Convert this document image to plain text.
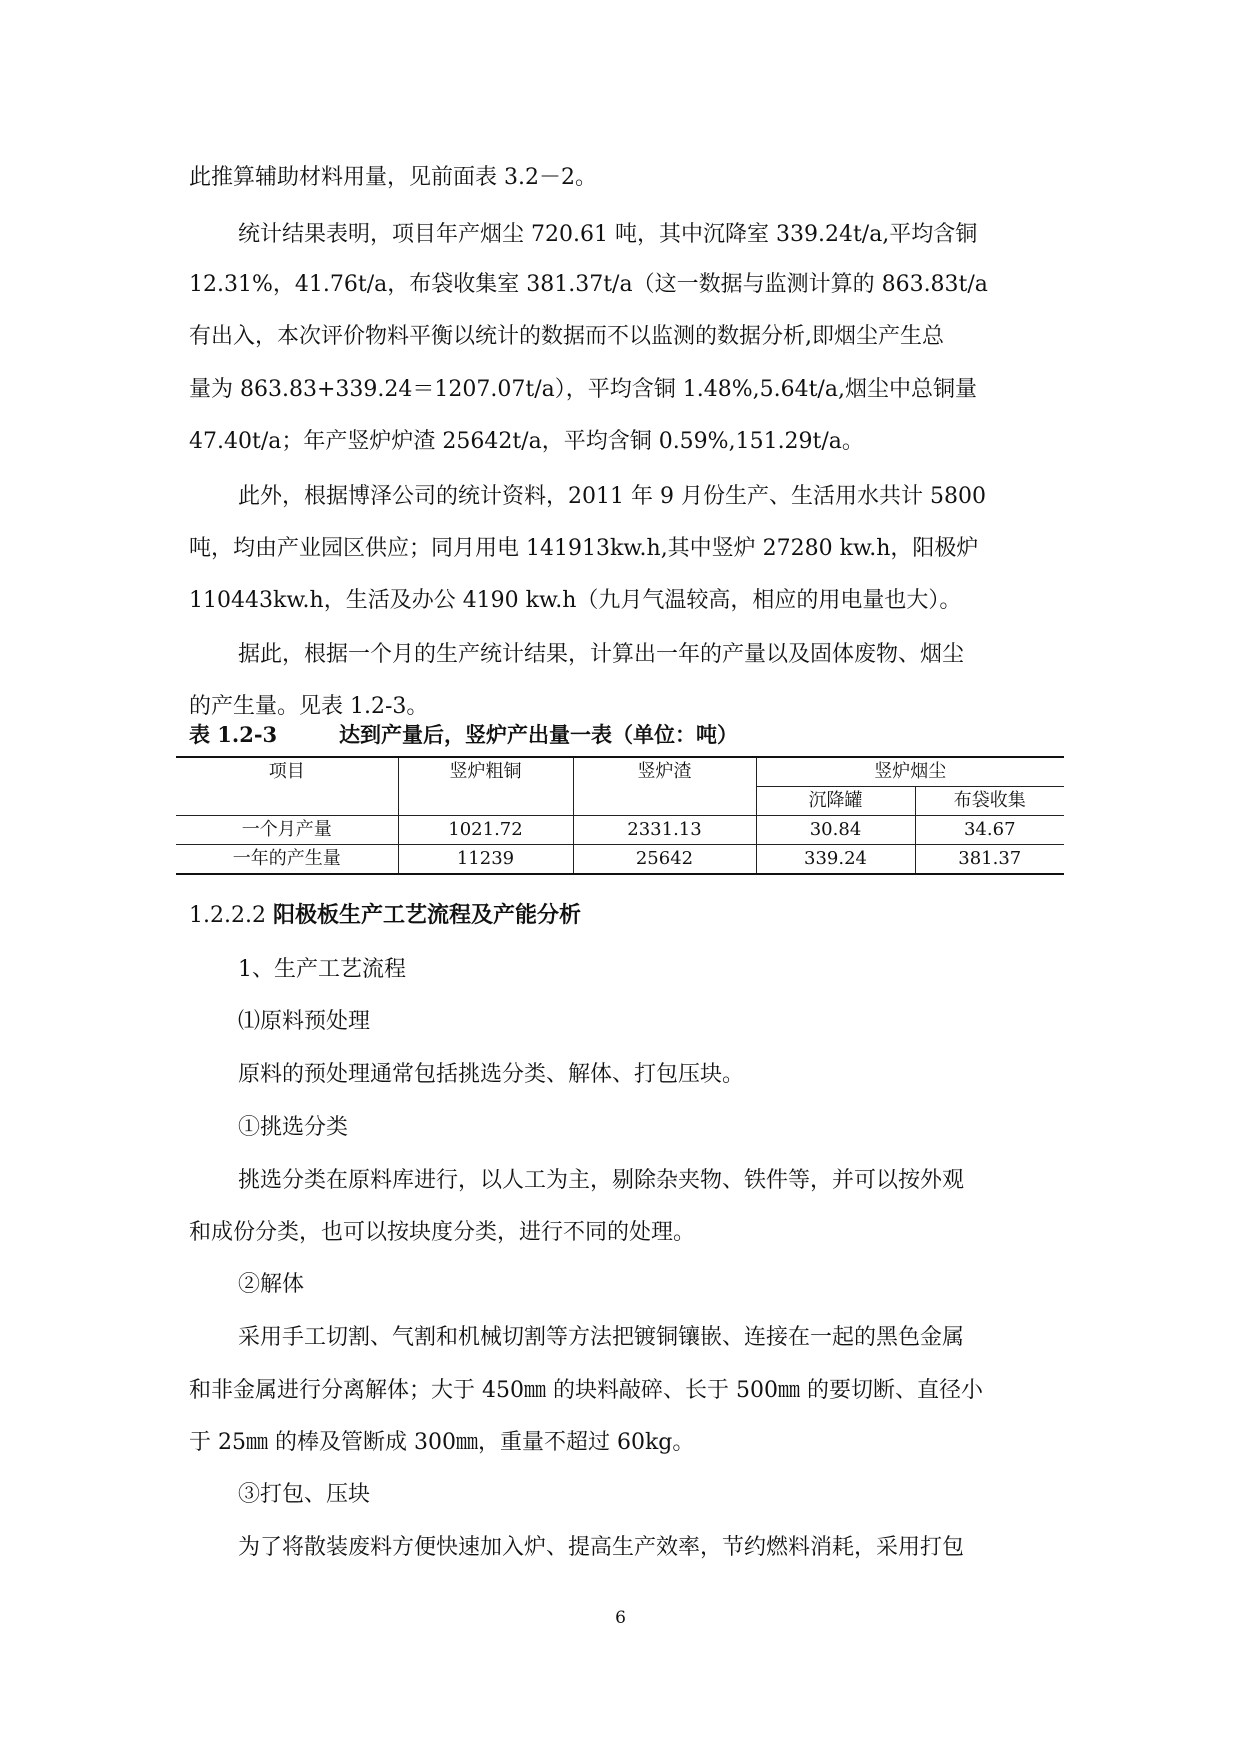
此推算辅助材料用量，见前面表 3.2－2。
统计结果表明，项目年产烟尘 720.61 吨，其中沉降室 339.24t/a,平均含铜
12.31%，41.76t/a，布袋收集室 381.37t/a（这一数据与监测计算的 863.83t/a
有出入，本次评价物料平衡以统计的数据而不以监测的数据分析,即烟尘产生总
量为 863.83+339.24＝1207.07t/a），平均含铜 1.48%,5.64t/a,烟尘中总铜量
47.40t/a；年产竖炉炉渣 25642t/a，平均含铜 0.59%,151.29t/a。
此外，根据博泽公司的统计资料，2011 年 9 月份生产、生活用水共计 5800
吨，均由产业园区供应；同月用电 141913kw.h,其中竖炉 27280 kw.h，阳极炉
110443kw.h，生活及办公 4190 kw.h（九月气温较高，相应的用电量也大）。
据此，根据一个月的生产统计结果，计算出一年的产量以及固体废物、烟尘
的产生量。见表 1.2-3。
表 1.2-3	达到产量后，竖炉产出量一表（单位：吨）
项目	竖炉粗铜	竖炉渣	竖炉烟尘	
			沉降罐	布袋收集
一个月产量	1021.72	2331.13	30.84	34.67
一年的产生量	11239	25642	339.24	381.37
1.2.2.2 阳极板生产工艺流程及产能分析
1、生产工艺流程
⑴原料预处理
原料的预处理通常包括挑选分类、解体、打包压块。
①挑选分类
挑选分类在原料库进行，以人工为主，剔除杂夹物、铁件等，并可以按外观
和成份分类，也可以按块度分类，进行不同的处理。
②解体
采用手工切割、气割和机械切割等方法把镀铜镶嵌、连接在一起的黑色金属
和非金属进行分离解体；大于 450㎜ 的块料敲碎、长于 500㎜ 的要切断、直径小
于 25㎜ 的棒及管断成 300㎜，重量不超过 60kg。
③打包、压块
为了将散装废料方便快速加入炉、提高生产效率，节约燃料消耗，采用打包
6
